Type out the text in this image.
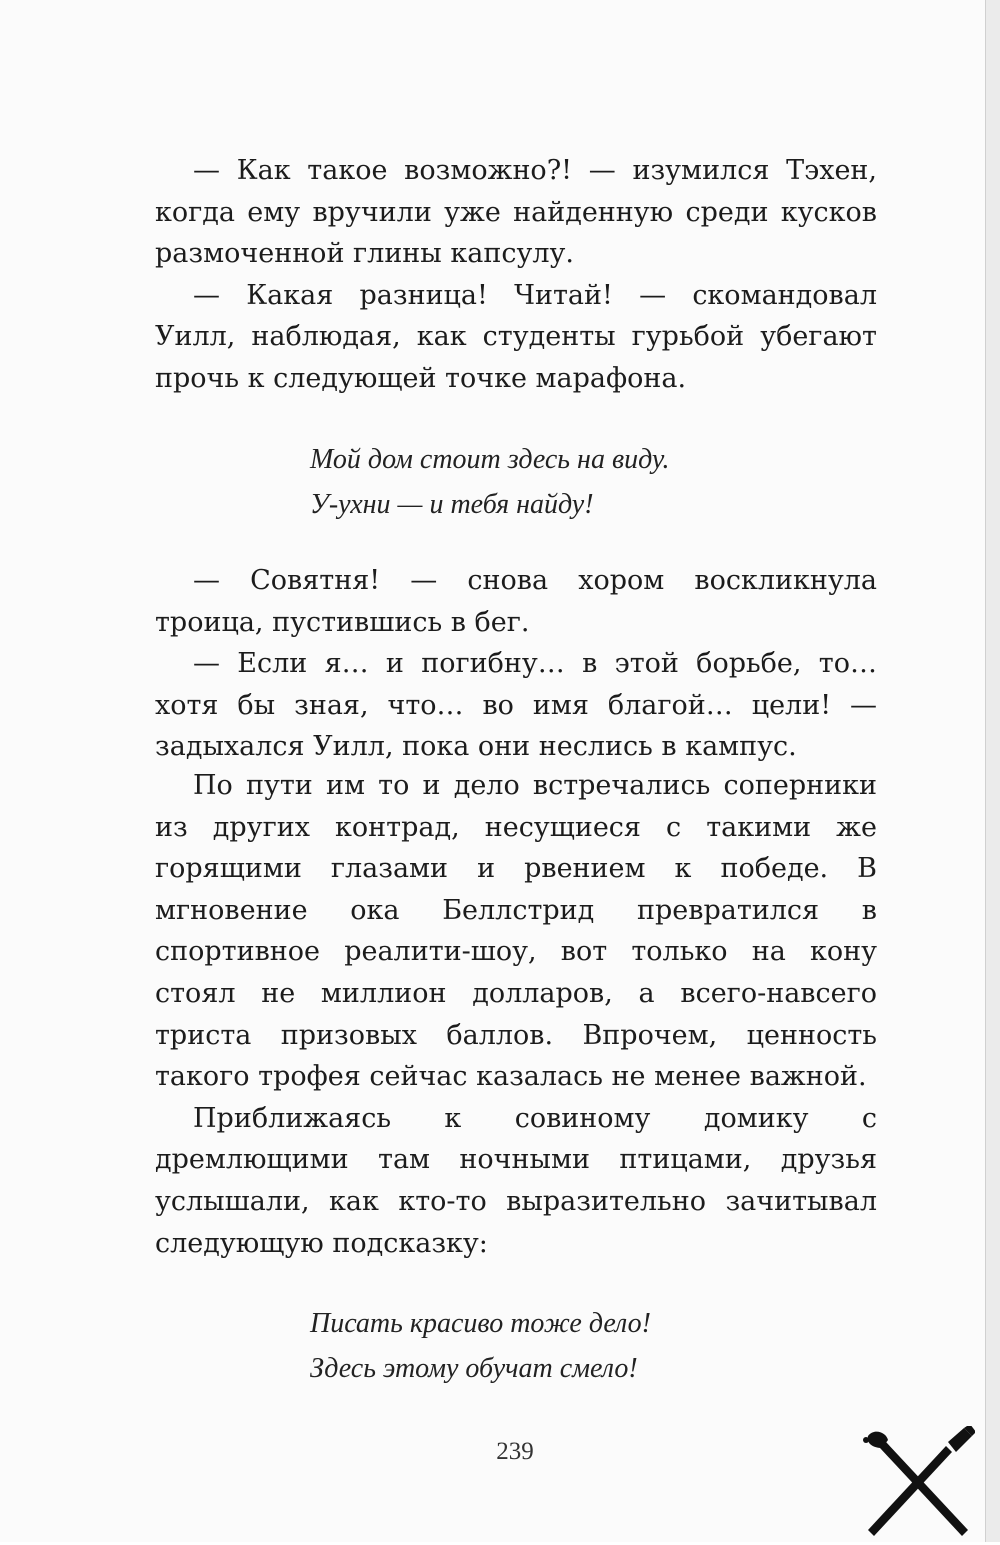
— Как такое возможно?! — изумился Тэхен, когда ему вручили уже найденную среди кусков размоченной глины капсулу.

— Какая разница! Читай! — скомандовал Уилл, наблюдая, как студенты гурьбой убегают прочь к следующей точке марафона.

Мой дом стоит здесь на виду.
У-ухни — и тебя найду!

— Совятня! — снова хором воскликнула троица, пустившись в бег.

— Если я… и погибну… в этой борьбе, то… хотя бы зная, что… во имя благой… цели! — задыхался Уилл, пока они неслись в кампус.

По пути им то и дело встречались соперники из других контрад, несущиеся с такими же горящими глазами и рвением к победе. В мгновение ока Беллстрид превратился в спортивное реалити-шоу, вот только на кону стоял не миллион долларов, а всего-навсего триста призовых баллов. Впрочем, ценность такого трофея сейчас казалась не менее важной.

Приближаясь к совиному домику с дремлющими там ночными птицами, друзья услышали, как кто-то выразительно зачитывал следующую подсказку:

Писать красиво тоже дело!
Здесь этому обучат смело!
239
